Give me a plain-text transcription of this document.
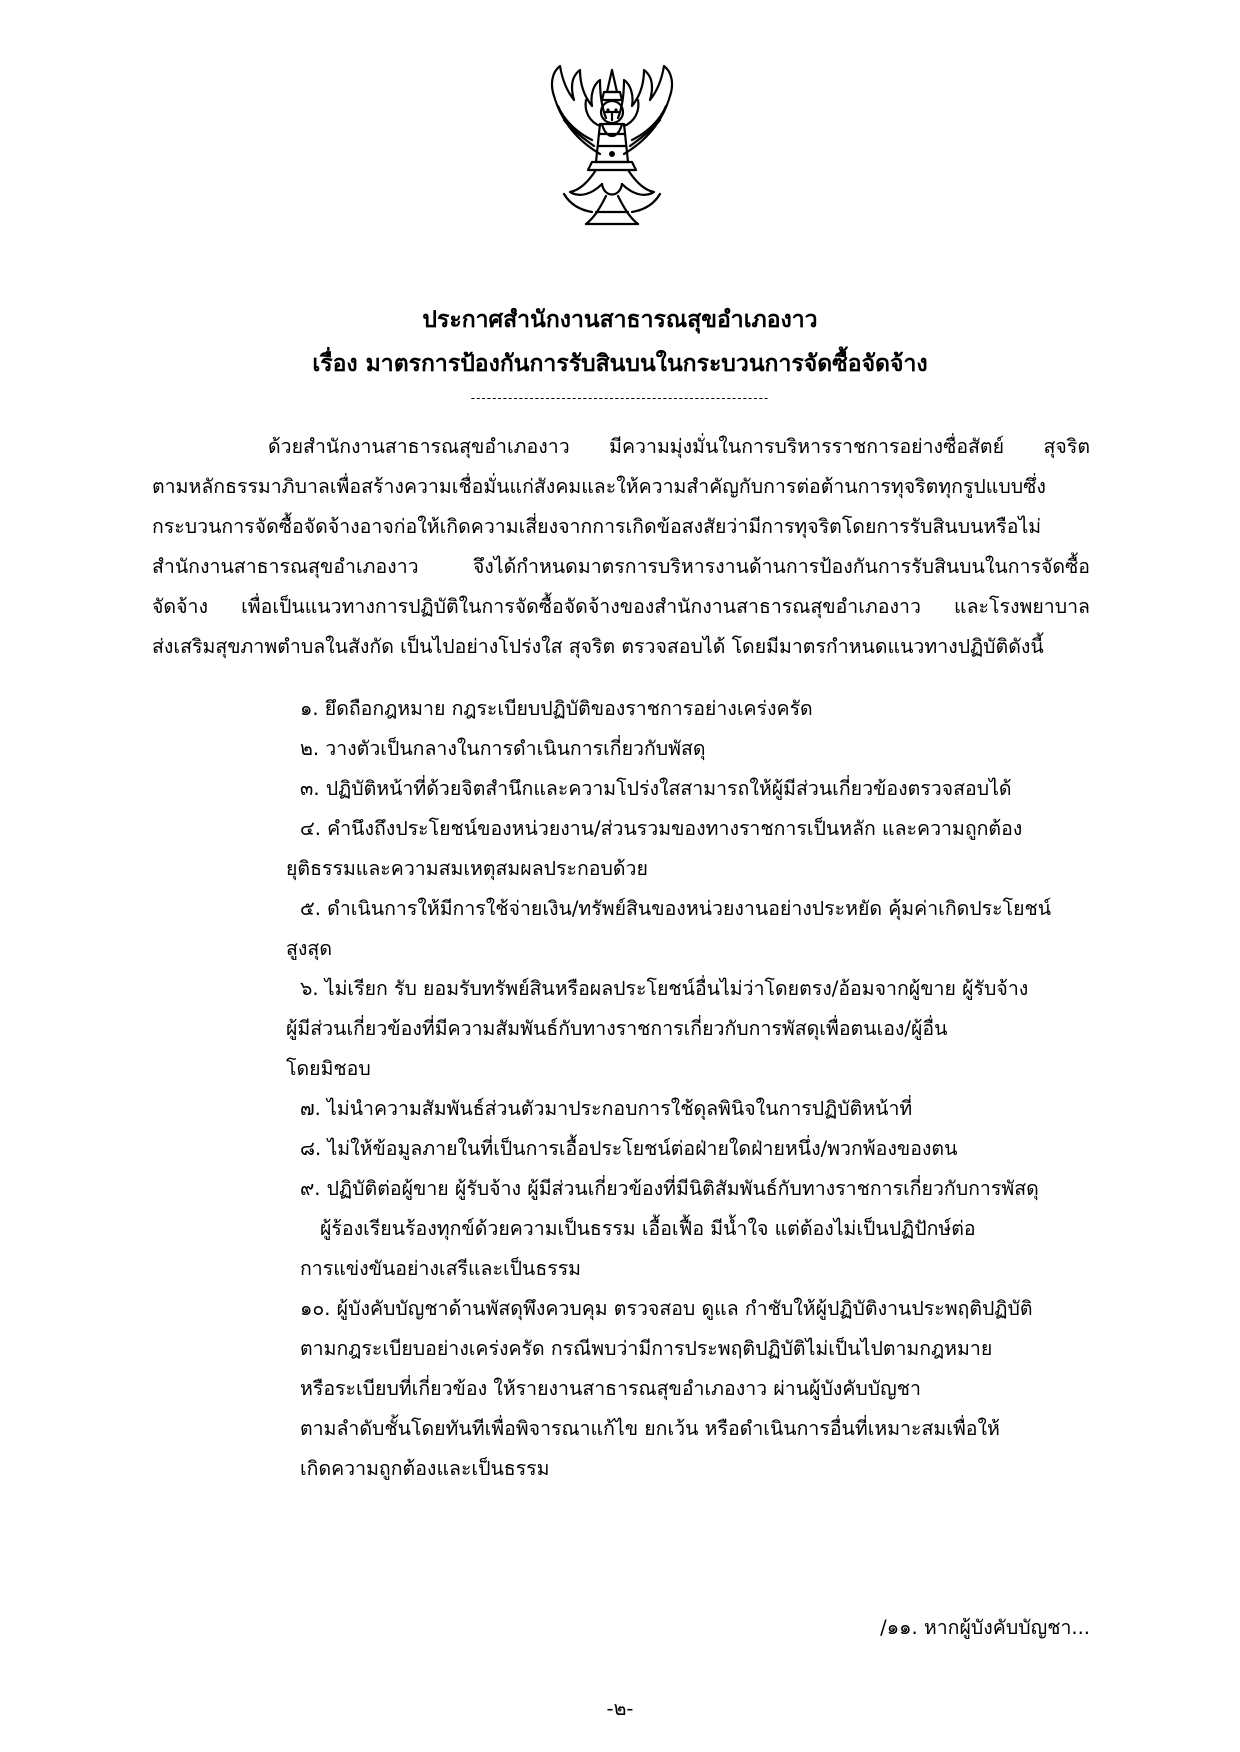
ประกาศสำนักงานสาธารณสุขอำเภองาว
เรื่อง มาตรการป้องกันการรับสินบนในกระบวนการจัดซื้อจัดจ้าง
--------------------------------------------------------
ด้วยสำนักงานสาธารณสุขอำเภองาว มีความมุ่งมั่นในการบริหารราชการอย่างซื่อสัตย์ สุจริต
ตามหลักธรรมาภิบาลเพื่อสร้างความเชื่อมั่นแก่สังคมและให้ความสำคัญกับการต่อต้านการทุจริตทุกรูปแบบซึ่ง
กระบวนการจัดซื้อจัดจ้างอาจก่อให้เกิดความเสี่ยงจากการเกิดข้อสงสัยว่ามีการทุจริตโดยการรับสินบนหรือไม่
สำนักงานสาธารณสุขอำเภองาว จึงได้กำหนดมาตรการบริหารงานด้านการป้องกันการรับสินบนในการจัดซื้อ
จัดจ้าง เพื่อเป็นแนวทางการปฏิบัติในการจัดซื้อจัดจ้างของสำนักงานสาธารณสุขอำเภองาว และโรงพยาบาล
ส่งเสริมสุขภาพตำบลในสังกัด เป็นไปอย่างโปร่งใส สุจริต ตรวจสอบได้ โดยมีมาตรกำหนดแนวทางปฏิบัติดังนี้
๑. ยึดถือกฎหมาย กฎระเบียบปฏิบัติของราชการอย่างเคร่งครัด
๒. วางตัวเป็นกลางในการดำเนินการเกี่ยวกับพัสดุ
๓. ปฏิบัติหน้าที่ด้วยจิตสำนึกและความโปร่งใสสามารถให้ผู้มีส่วนเกี่ยวข้องตรวจสอบได้
๔. คำนึงถึงประโยชน์ของหน่วยงาน/ส่วนรวมของทางราชการเป็นหลัก และความถูกต้อง
ยุติธรรมและความสมเหตุสมผลประกอบด้วย
๕. ดำเนินการให้มีการใช้จ่ายเงิน/ทรัพย์สินของหน่วยงานอย่างประหยัด คุ้มค่าเกิดประโยชน์
สูงสุด
๖. ไม่เรียก รับ ยอมรับทรัพย์สินหรือผลประโยชน์อื่นไม่ว่าโดยตรง/อ้อมจากผู้ขาย ผู้รับจ้าง
ผู้มีส่วนเกี่ยวข้องที่มีความสัมพันธ์กับทางราชการเกี่ยวกับการพัสดุเพื่อตนเอง/ผู้อื่น
โดยมิชอบ
๗. ไม่นำความสัมพันธ์ส่วนตัวมาประกอบการใช้ดุลพินิจในการปฏิบัติหน้าที่
๘. ไม่ให้ข้อมูลภายในที่เป็นการเอื้อประโยชน์ต่อฝ่ายใดฝ่ายหนึ่ง/พวกพ้องของตน
๙. ปฏิบัติต่อผู้ขาย ผู้รับจ้าง ผู้มีส่วนเกี่ยวข้องที่มีนิติสัมพันธ์กับทางราชการเกี่ยวกับการพัสดุ
ผู้ร้องเรียนร้องทุกข์ด้วยความเป็นธรรม เอื้อเฟื้อ มีน้ำใจ แต่ต้องไม่เป็นปฏิปักษ์ต่อ
การแข่งขันอย่างเสรีและเป็นธรรม
๑๐. ผู้บังคับบัญชาด้านพัสดุพึงควบคุม ตรวจสอบ ดูแล กำชับให้ผู้ปฏิบัติงานประพฤติปฏิบัติ
ตามกฎระเบียบอย่างเคร่งครัด กรณีพบว่ามีการประพฤติปฏิบัติไม่เป็นไปตามกฎหมาย
หรือระเบียบที่เกี่ยวข้อง ให้รายงานสาธารณสุขอำเภองาว ผ่านผู้บังคับบัญชา
ตามลำดับชั้นโดยทันทีเพื่อพิจารณาแก้ไข ยกเว้น หรือดำเนินการอื่นที่เหมาะสมเพื่อให้
เกิดความถูกต้องและเป็นธรรม
/๑๑. หากผู้บังคับบัญชา...
-๒-
